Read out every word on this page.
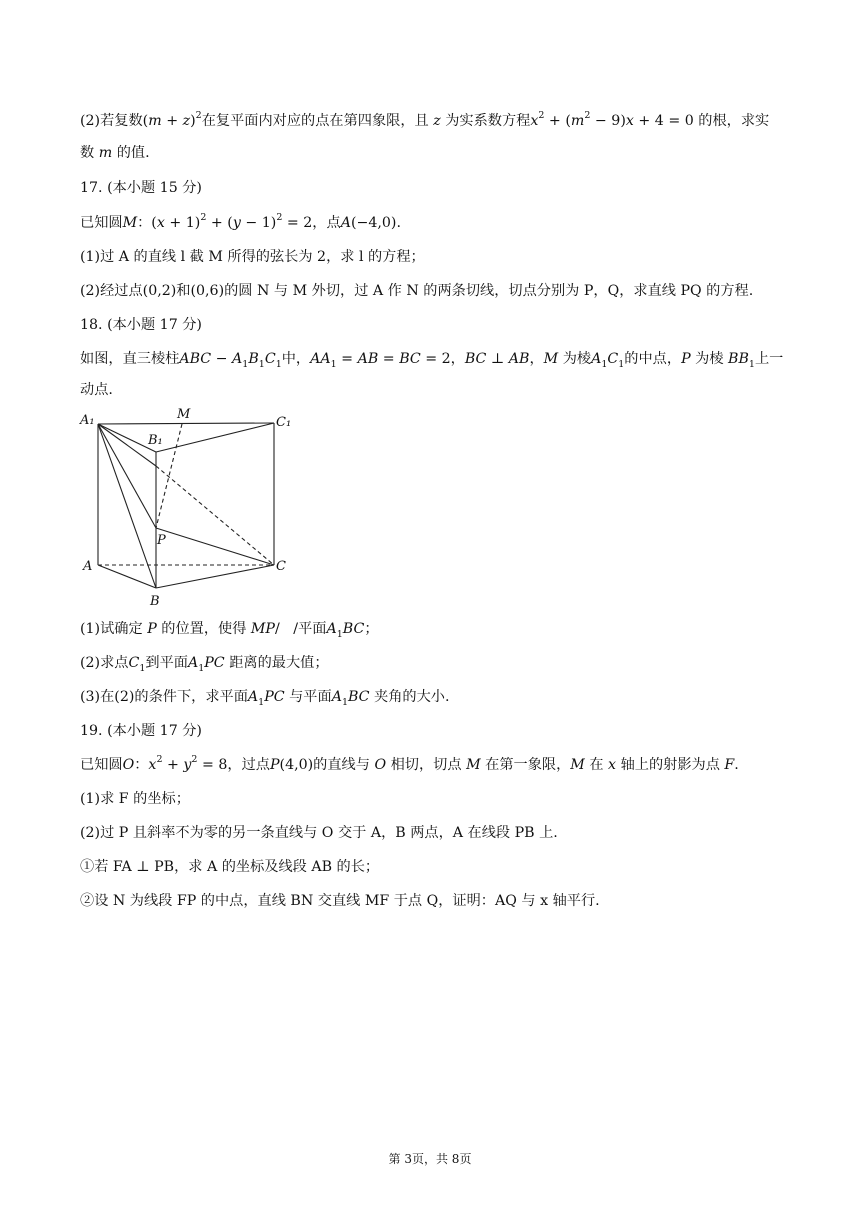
(2)若复数$(m + z)^2$在复平面内对应的点在第四象限，且 z 为实系数方程$x^2 + (m^2 - 9)x + 4 = 0$ 的根，求实
数 m 的值.
17. (本小题 15 分)
已知圆M：$(x + 1)^2 + (y - 1)^2 = 2$，点A(−4,0).
(1)过 A 的直线 l 截 M 所得的弦长为 2，求 l 的方程；
(2)经过点(0,2)和(0,6)的圆 N 与 M 外切，过 A 作 N 的两条切线，切点分别为 P，Q，求直线 PQ 的方程.
18. (本小题 17 分)
如图，直三棱柱ABC − $A_1B_1C_1$中，$AA_1$ = AB = BC = 2，BC ⊥ AB，M 为棱$A_1C_1$的中点，P 为棱 $BB_1$上一
动点.
A₁	M
C₁
B₁
P
A	C
B
(1)试确定 P 的位置，使得 MP/   /平面$A_1BC$；
(2)求点$C_1$到平面$A_1PC$ 距离的最大值；
(3)在(2)的条件下，求平面$A_1PC$ 与平面$A_1BC$ 夹角的大小.
19. (本小题 17 分)
已知圆O：$x^2 + y^2 = 8$，过点P(4,0)的直线与 O 相切，切点 M 在第一象限，M 在 x 轴上的射影为点 F.
(1)求 F 的坐标；
(2)过 P 且斜率不为零的另一条直线与 O 交于 A，B 两点，A 在线段 PB 上.
①若 FA ⊥ PB，求 A 的坐标及线段 AB 的长；
②设 N 为线段 FP 的中点，直线 BN 交直线 MF 于点 Q，证明：AQ 与 x 轴平行.
第 3页，共 8页
